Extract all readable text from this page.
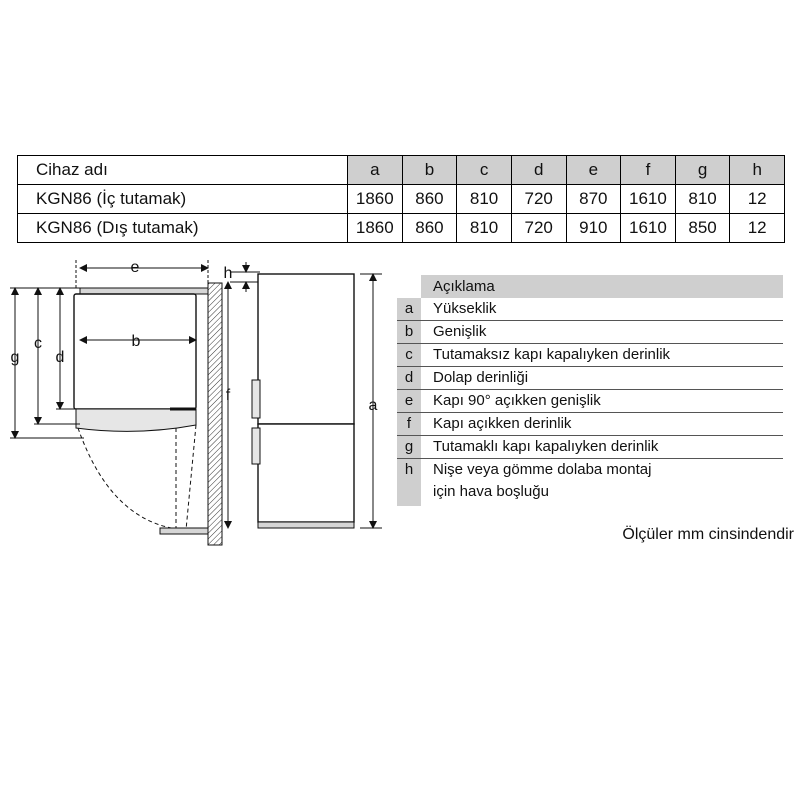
Cihaz adı	a	b	c	d	e	f	g	h
KGN86 (İç tutamak)	1860	860	810	720	870	1610	810	12
KGN86 (Dış tutamak)	1860	860	810	720	910	1610	850	12
e
b
g
c
d
h
f
a
Açıklama
a	Yükseklik
b	Genişlik
c	Tutamaksız kapı kapalıyken derinlik
d	Dolap derinliği
e	Kapı 90° açıkken genişlik
f	Kapı açıkken derinlik
g	Tutamaklı kapı kapalıyken derinlik
h	Nişe veya gömme dolaba montaj
için hava boşluğu
Ölçüler mm cinsindendir
